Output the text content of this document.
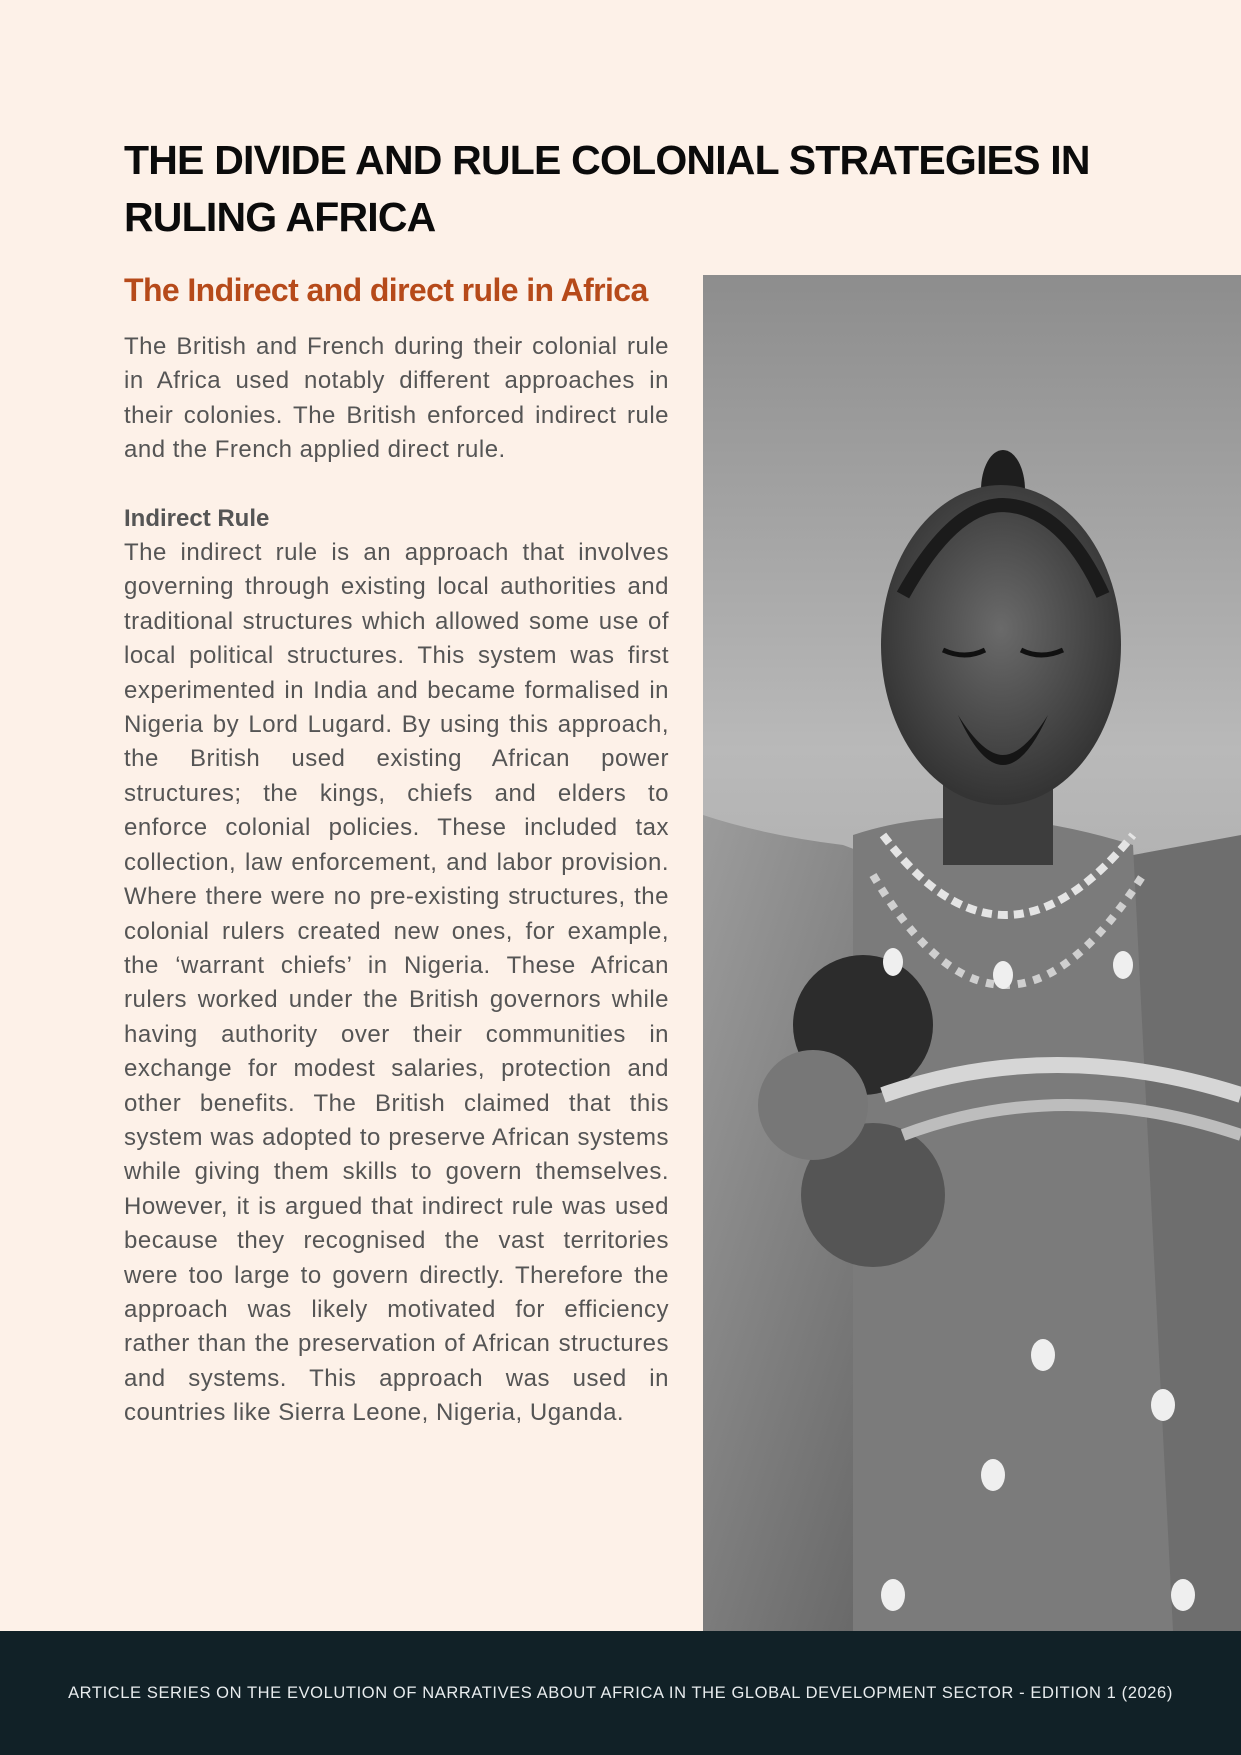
THE DIVIDE AND RULE COLONIAL STRATEGIES IN RULING AFRICA
The Indirect and direct rule in Africa

The British and French during their colonial rule in Africa used notably different approaches in their colonies. The British enforced indirect rule and the French applied direct rule.

Indirect Rule

The indirect rule is an approach that involves governing through existing local authorities and traditional structures which allowed some use of local political structures. This system was first experimented in India and became formalised in Nigeria by Lord Lugard. By using this approach, the British used existing African power structures; the kings, chiefs and elders to enforce colonial policies. These included tax collection, law enforcement, and labor provision. Where there were no pre-existing structures, the colonial rulers created new ones, for example, the ‘warrant chiefs’ in Nigeria. These African rulers worked under the British governors while having authority over their communities in exchange for modest salaries, protection and other benefits. The British claimed that this system was adopted to preserve African systems while giving them skills to govern themselves. However, it is argued that indirect rule was used because they recognised the vast territories were too large to govern directly. Therefore the approach was likely motivated for efficiency rather than the preservation of African structures and systems. This approach was used in countries like Sierra Leone, Nigeria, Uganda.

ARTICLE SERIES ON THE EVOLUTION OF NARRATIVES ABOUT AFRICA IN THE GLOBAL DEVELOPMENT SECTOR - EDITION 1 (2026)
